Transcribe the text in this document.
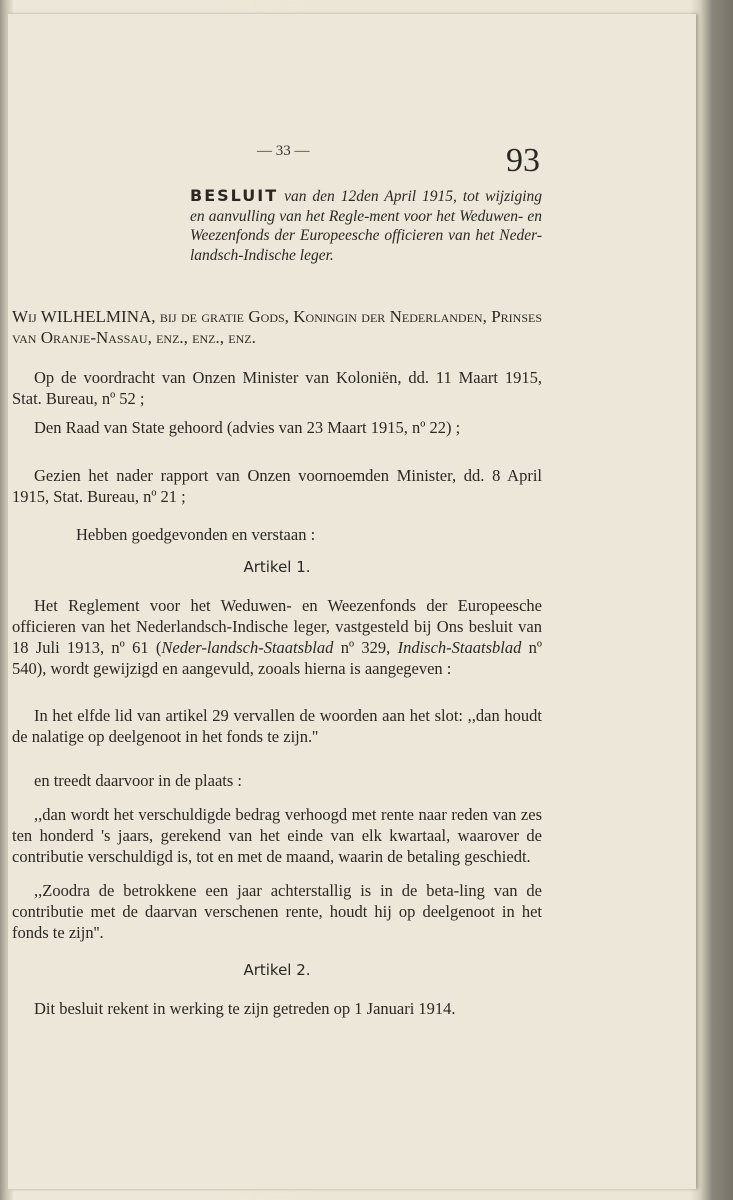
— 33 —	93
BESLUIT van den 12den April 1915, tot wijziging en aanvulling van het Regle-ment voor het Weduwen- en Weezenfonds der Europeesche officieren van het Neder-landsch-Indische leger.
Wij WILHELMINA, bij de gratie Gods, Koningin der Nederlanden, Prinses van Oranje-Nassau, enz., enz., enz.
Op de voordracht van Onzen Minister van Koloniën, dd. 11 Maart 1915, Stat. Bureau, nº 52 ;
Den Raad van State gehoord (advies van 23 Maart 1915, nº 22) ;
Gezien het nader rapport van Onzen voornoemden Minister, dd. 8 April 1915, Stat. Bureau, nº 21 ;
Hebben goedgevonden en verstaan :
Artikel 1.
Het Reglement voor het Weduwen- en Weezenfonds der Europeesche officieren van het Nederlandsch-Indische leger, vastgesteld bij Ons besluit van 18 Juli 1913, nº 61 (Neder-landsch-Staatsblad nº 329, Indisch-Staatsblad nº 540), wordt gewijzigd en aangevuld, zooals hierna is aangegeven :
In het elfde lid van artikel 29 vervallen de woorden aan het slot: ,,dan houdt de nalatige op deelgenoot in het fonds te zijn.''
en treedt daarvoor in de plaats :
,,dan wordt het verschuldigde bedrag verhoogd met rente naar reden van zes ten honderd 's jaars, gerekend van het einde van elk kwartaal, waarover de contributie verschuldigd is, tot en met de maand, waarin de betaling geschiedt.
,,Zoodra de betrokkene een jaar achterstallig is in de beta-ling van de contributie met de daarvan verschenen rente, houdt hij op deelgenoot in het fonds te zijn''.
Artikel 2.
Dit besluit rekent in werking te zijn getreden op 1 Januari 1914.
